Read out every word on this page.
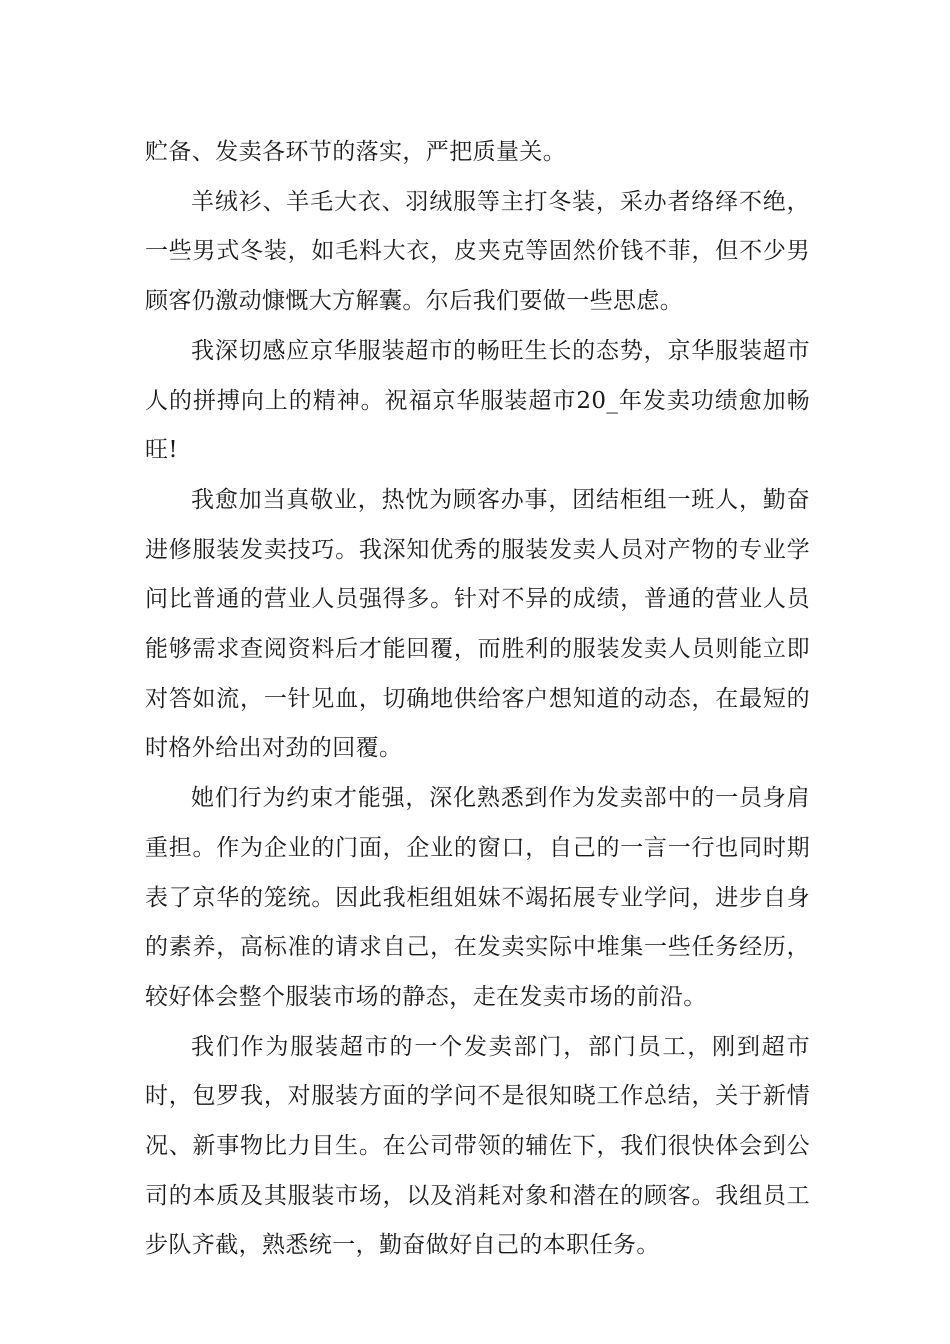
贮备、发卖各环节的落实，严把质量关。

羊绒衫、羊毛大衣、羽绒服等主打冬装，采办者络绎不绝，一些男式冬装，如毛料大衣，皮夹克等固然价钱不菲，但不少男顾客仍激动慷慨大方解囊。尔后我们要做一些思虑。

我深切感应京华服装超市的畅旺生长的态势，京华服装超市人的拼搏向上的精神。祝福京华服装超市20_年发卖功绩愈加畅旺!

我愈加当真敬业，热忱为顾客办事，团结柜组一班人，勤奋进修服装发卖技巧。我深知优秀的服装发卖人员对产物的专业学问比普通的营业人员强得多。针对不异的成绩，普通的营业人员能够需求查阅资料后才能回覆，而胜利的服装发卖人员则能立即对答如流，一针见血，切确地供给客户想知道的动态，在最短的时格外给出对劲的回覆。

她们行为约束才能强，深化熟悉到作为发卖部中的一员身肩重担。作为企业的门面，企业的窗口，自己的一言一行也同时期表了京华的笼统。因此我柜组姐妹不竭拓展专业学问，进步自身的素养，高标准的请求自己，在发卖实际中堆集一些任务经历，较好体会整个服装市场的静态，走在发卖市场的前沿。

我们作为服装超市的一个发卖部门，部门员工，刚到超市时，包罗我，对服装方面的学问不是很知晓工作总结，关于新情况、新事物比力目生。在公司带领的辅佐下，我们很快体会到公司的本质及其服装市场，以及消耗对象和潜在的顾客。我组员工步队齐截，熟悉统一，勤奋做好自己的本职任务。
